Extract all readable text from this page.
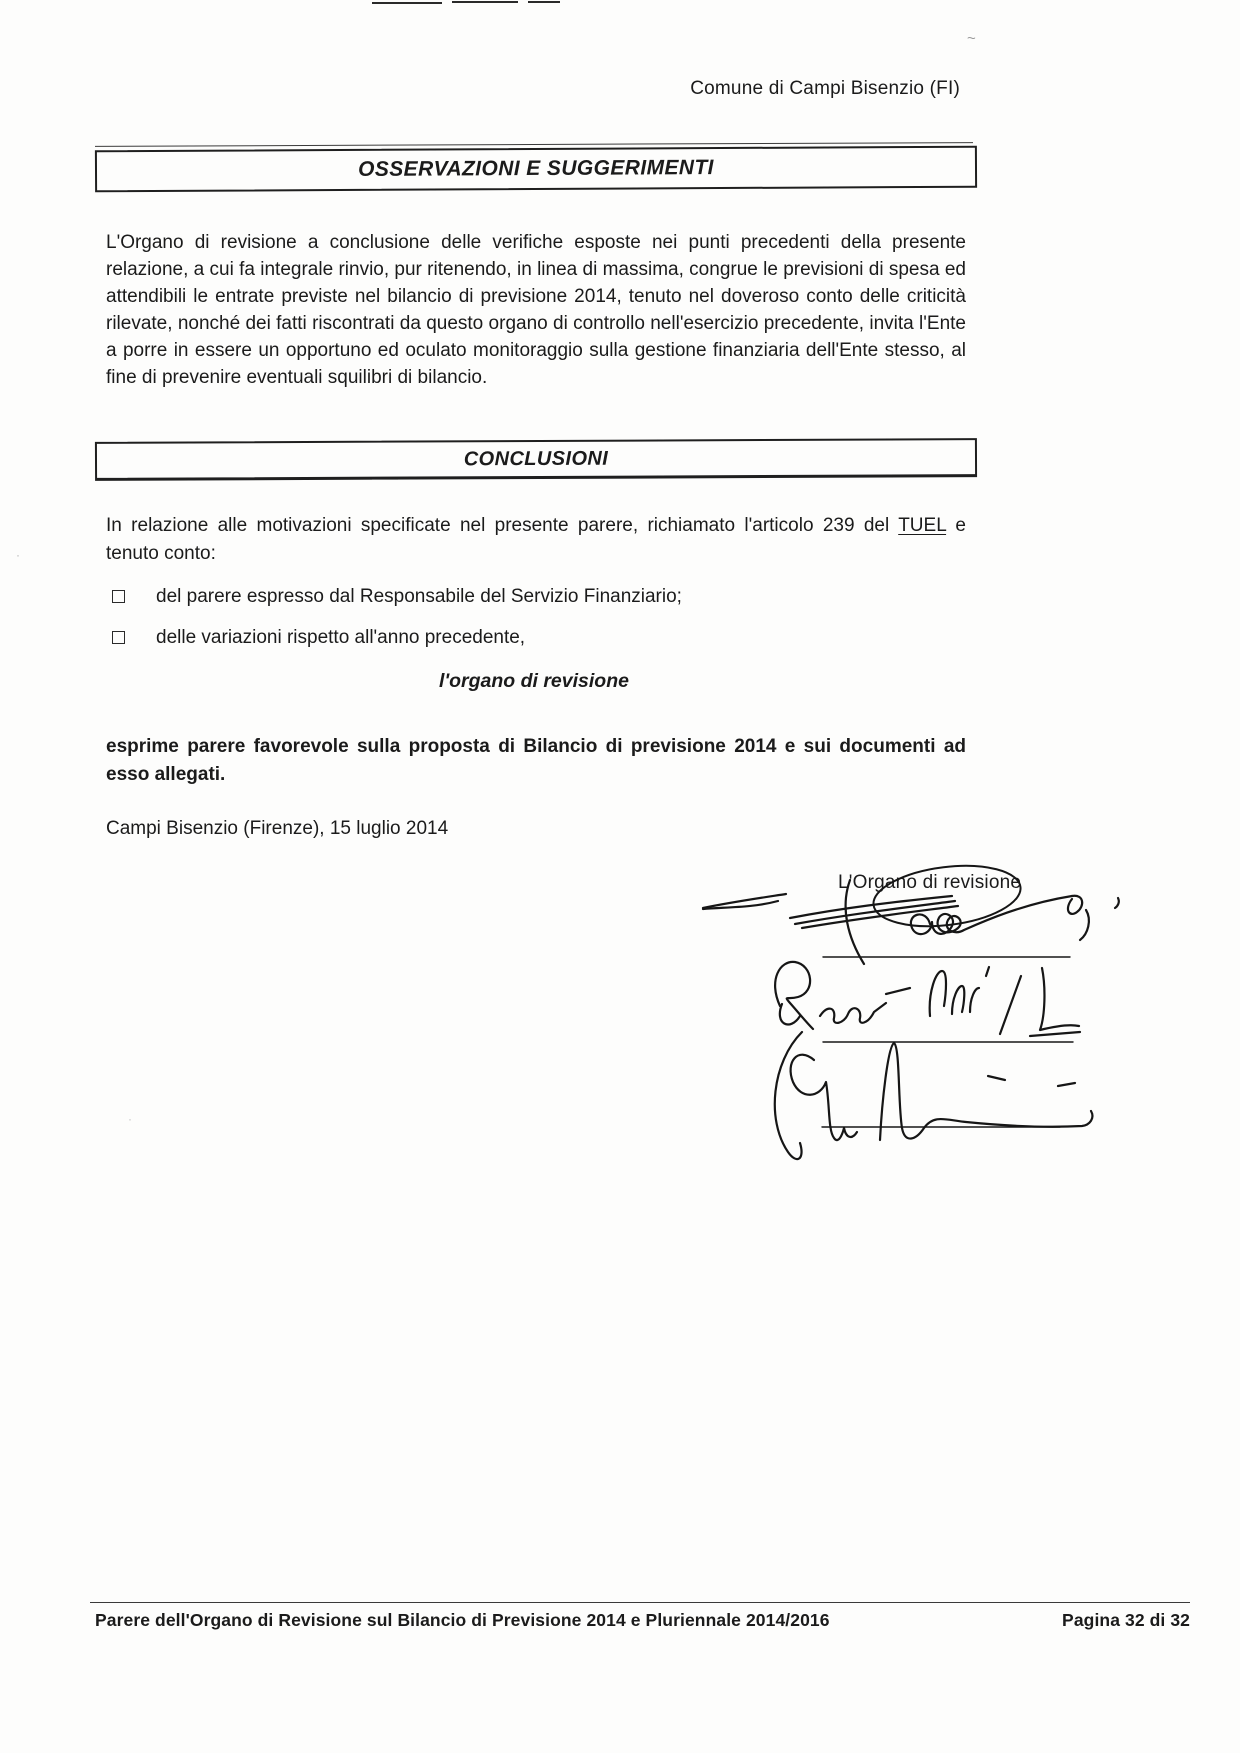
~
·
·
Comune di Campi Bisenzio (FI)
OSSERVAZIONI E SUGGERIMENTI
L'Organo di revisione a conclusione delle verifiche esposte nei punti precedenti della presente relazione, a cui fa integrale rinvio, pur ritenendo, in linea di massima, congrue le previsioni di spesa ed attendibili le entrate previste nel bilancio di previsione 2014, tenuto nel doveroso conto delle criticità rilevate, nonché dei fatti riscontrati da questo organo di controllo nell'esercizio precedente, invita l'Ente a porre in essere un opportuno ed oculato monitoraggio sulla gestione finanziaria dell'Ente stesso, al fine di prevenire eventuali squilibri di bilancio.
CONCLUSIONI
In relazione alle motivazioni specificate nel presente parere, richiamato l'articolo 239 del TUEL e tenuto conto:
del parere espresso dal Responsabile del Servizio Finanziario;
delle variazioni rispetto all'anno precedente,
l'organo di revisione
esprime parere favorevole sulla proposta di Bilancio di previsione 2014 e sui documenti ad esso allegati.
Campi Bisenzio (Firenze), 15 luglio 2014
L'Organo di revisione
Parere dell'Organo di Revisione sul Bilancio di Previsione 2014 e Pluriennale 2014/2016	Pagina 32 di 32
